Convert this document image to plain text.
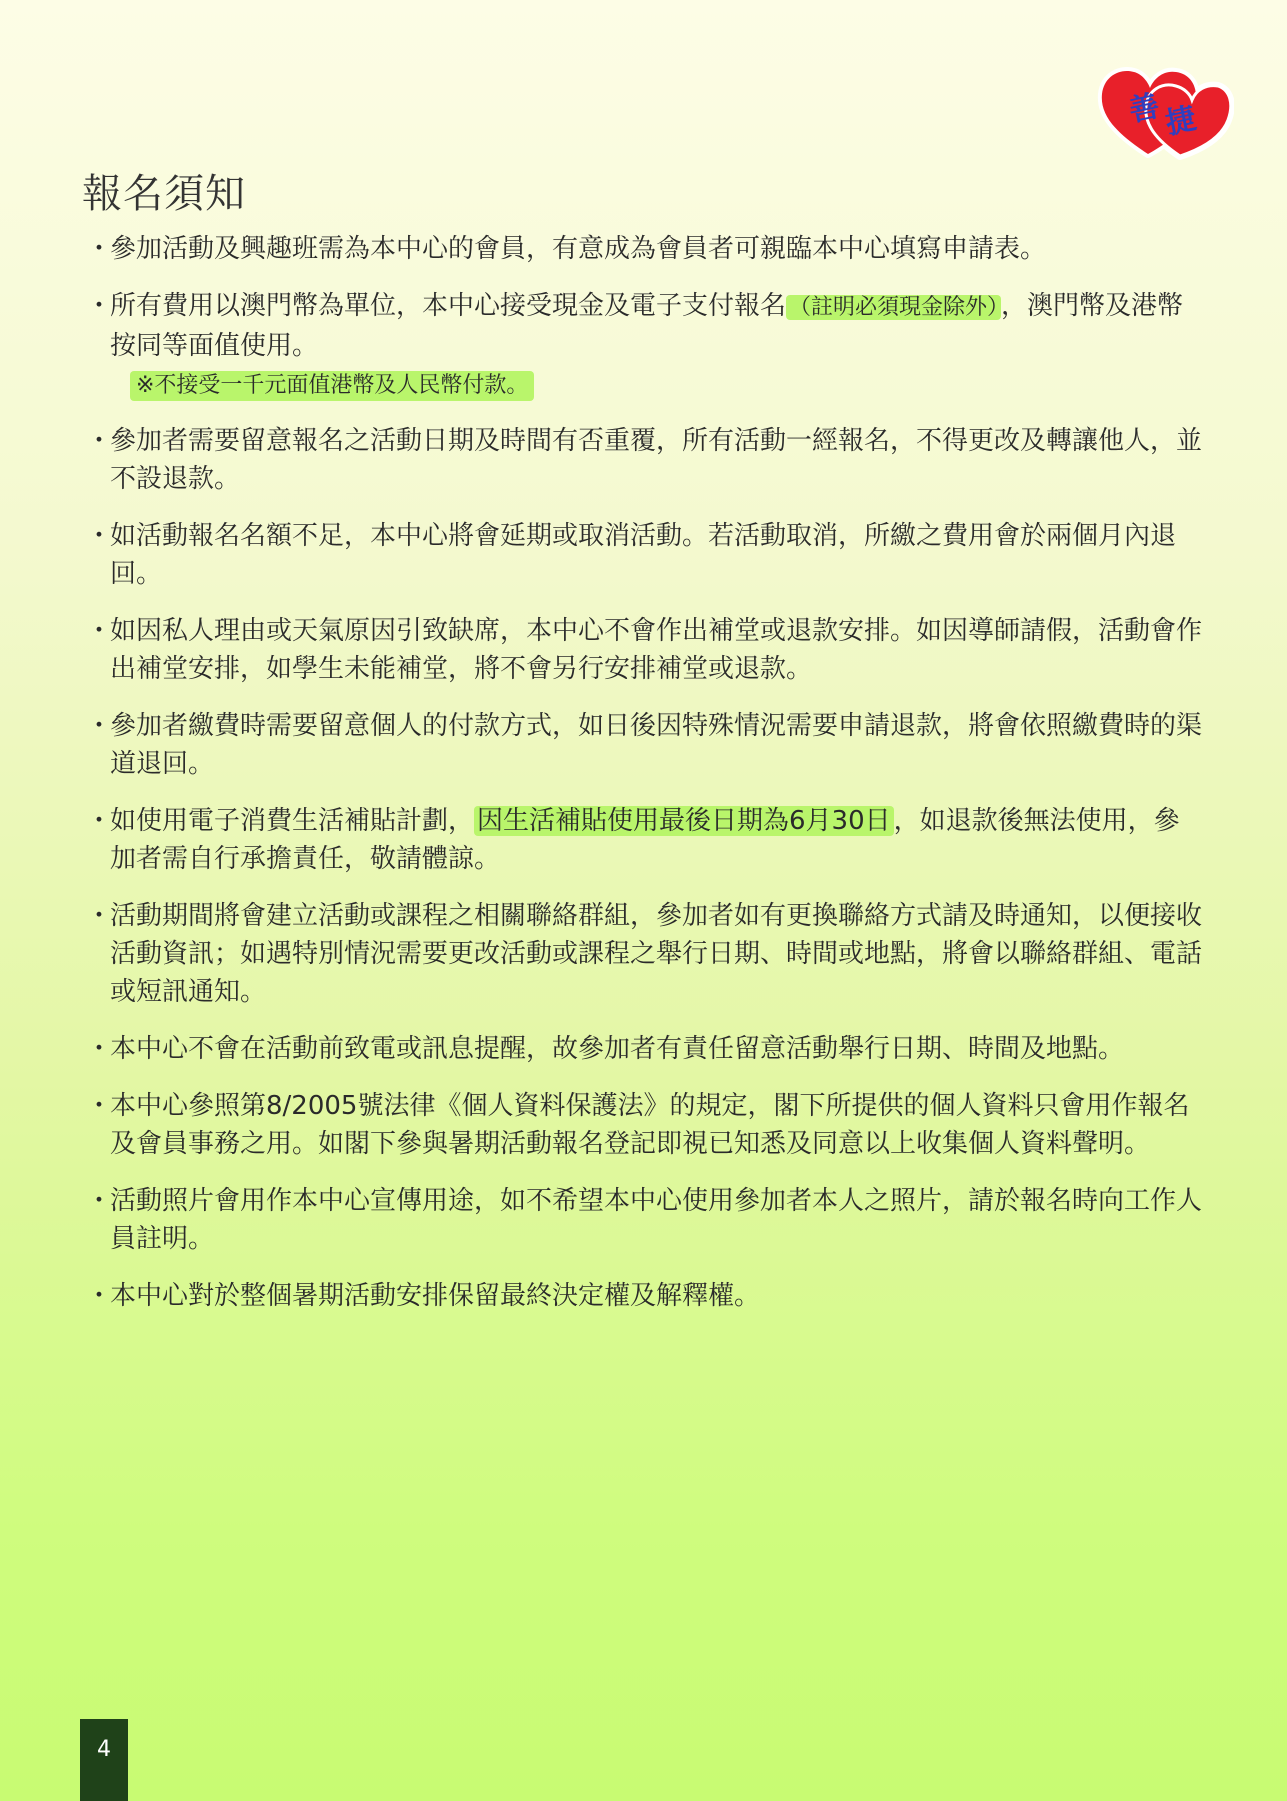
善 捷
報名須知
・
參加活動及興趣班需為本中心的會員，有意成為會員者可親臨本中心填寫申請表。
・
所有費用以澳門幣為單位，本中心接受現金及電子支付報名 （註明必須現金除外） ，澳門幣及港幣按同等面值使用。
※不接受一千元面值港幣及人民幣付款。
・
參加者需要留意報名之活動日期及時間有否重覆，所有活動一經報名，不得更改及轉讓他人，並不設退款。
・
如活動報名名額不足，本中心將會延期或取消活動。若活動取消，所繳之費用會於兩個月內退回。
・
如因私人理由或天氣原因引致缺席，本中心不會作出補堂或退款安排。如因導師請假，活動會作出補堂安排，如學生未能補堂，將不會另行安排補堂或退款。
・
參加者繳費時需要留意個人的付款方式，如日後因特殊情況需要申請退款，將會依照繳費時的渠道退回。
・
如使用電子消費生活補貼計劃， 因生活補貼使用最後日期為6月30日 ，如退款後無法使用，參加者需自行承擔責任，敬請體諒。
・
活動期間將會建立活動或課程之相關聯絡群組，參加者如有更換聯絡方式請及時通知，以便接收活動資訊；如遇特別情況需要更改活動或課程之舉行日期、時間或地點，將會以聯絡群組、電話或短訊通知。
・
本中心不會在活動前致電或訊息提醒，故參加者有責任留意活動舉行日期、時間及地點。
・
本中心參照第8/2005號法律《個人資料保護法》的規定，閣下所提供的個人資料只會用作報名及會員事務之用。如閣下參與暑期活動報名登記即視已知悉及同意以上收集個人資料聲明。
・
活動照片會用作本中心宣傳用途，如不希望本中心使用參加者本人之照片，請於報名時向工作人員註明。
・
本中心對於整個暑期活動安排保留最終決定權及解釋權。
4
